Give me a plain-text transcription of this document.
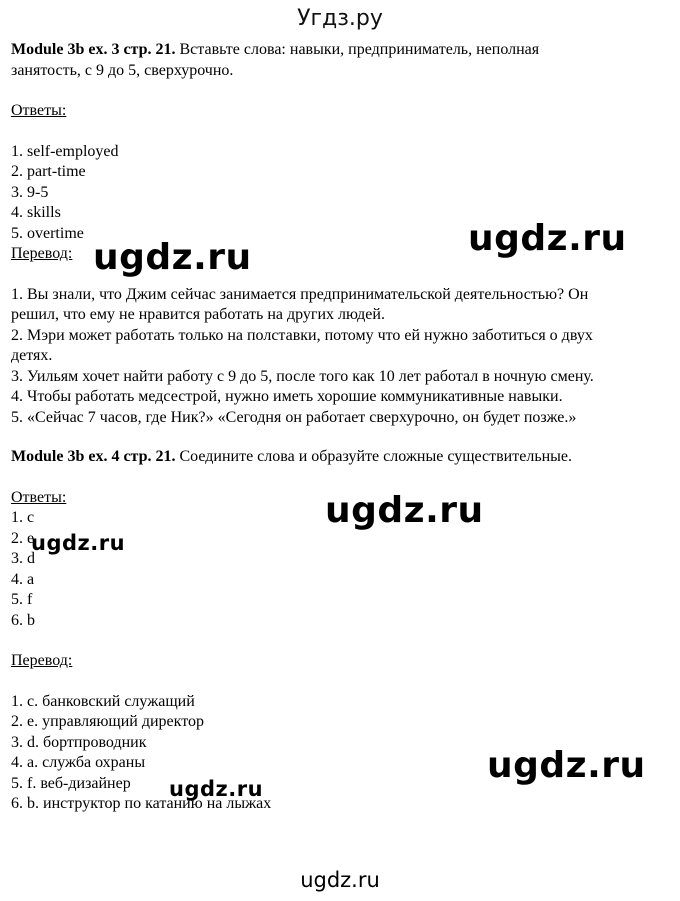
Угдз.ру

Module 3b ex. 3 стр. 21. Вставьте слова: навыки, предприниматель, неполная

занятость, с 9 до 5, сверхурочно.

Ответы:

1. self-employed

2. part-time

3. 9-5

4. skills

5. overtime

Перевод:

1. Вы знали, что Джим сейчас занимается предпринимательской деятельностью? Он

решил, что ему не нравится работать на других людей.

2. Мэри может работать только на полставки, потому что ей нужно заботиться о двух

детях.

3. Уильям хочет найти работу с 9 до 5, после того как 10 лет работал в ночную смену.

4. Чтобы работать медсестрой, нужно иметь хорошие коммуникативные навыки.

5. «Сейчас 7 часов, где Ник?» «Сегодня он работает сверхурочно, он будет позже.»

Module 3b ex. 4 стр. 21. Соедините слова и образуйте сложные существительные.

Ответы:

1. c

2. e

3. d

4. a

5. f

6. b

Перевод:

1. c. банковский служащий

2. e. управляющий директор

3. d. бортпроводник

4. a. служба охраны

5. f. веб-дизайнер

6. b. инструктор по катанию на лыжах

ugdz.ru	ugdz.ru
ugdz.ru
ugdz.ru
ugdz.ru
ugdz.ru
ugdz.ru
